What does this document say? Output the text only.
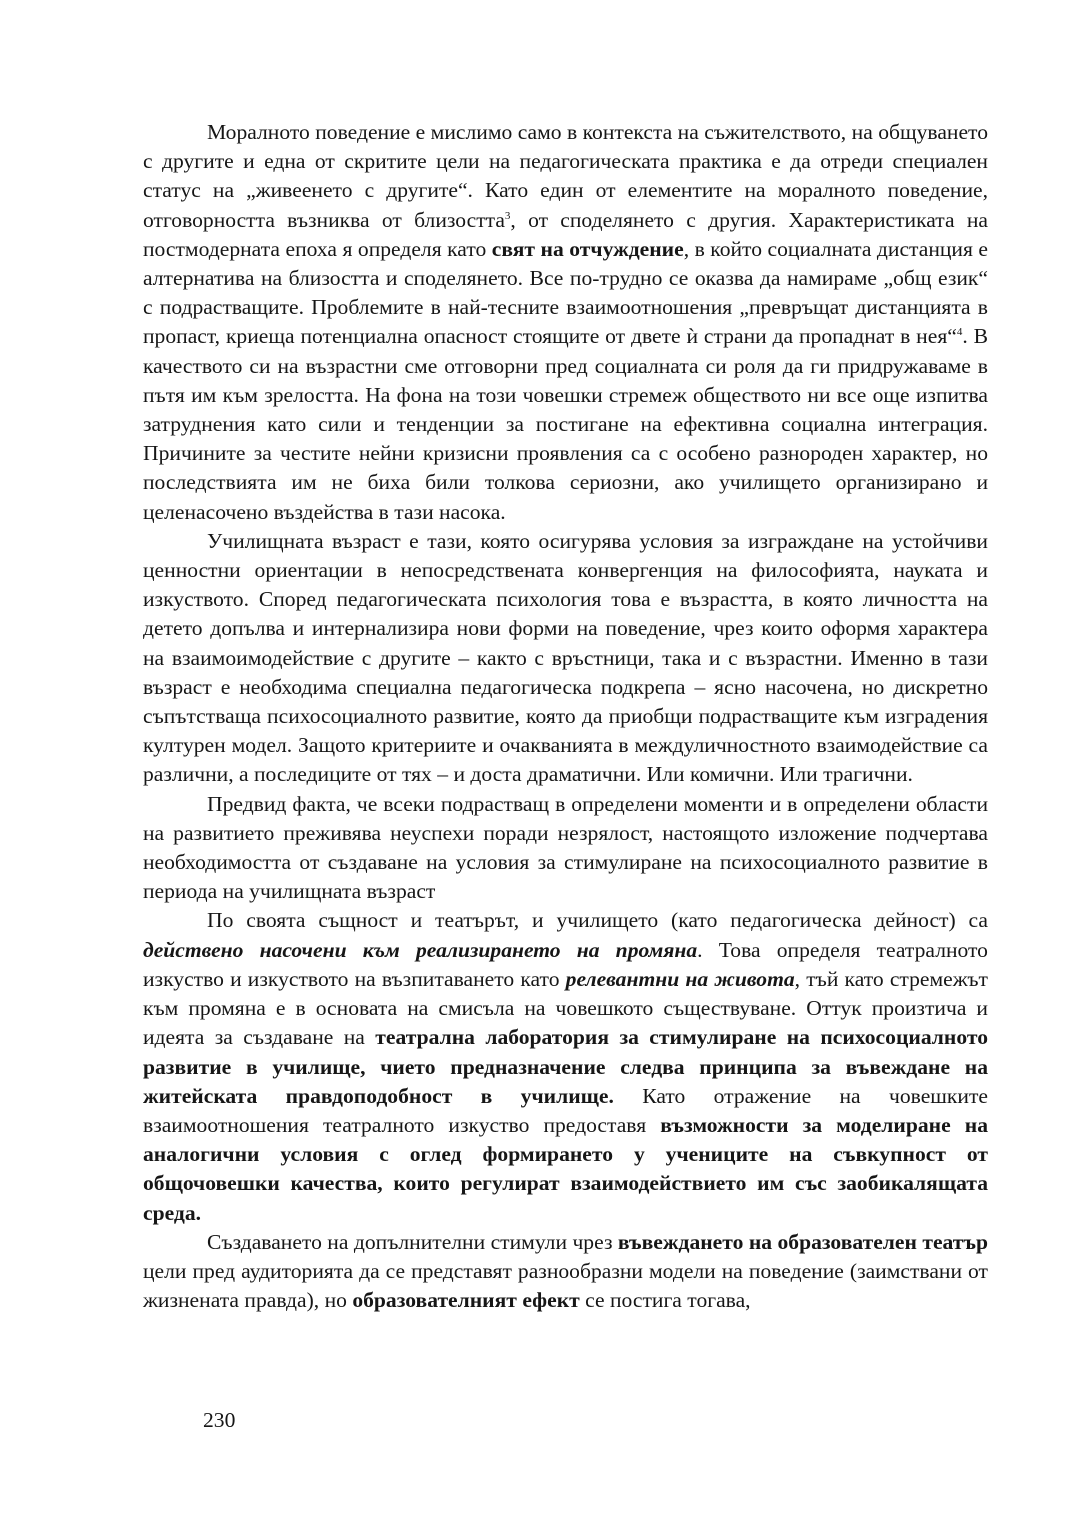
Моралното поведение е мислимо само в контекста на съжителството, на общуването с другите и една от скритите цели на педагогическата практика е да отреди специален статус на „живеенето с другите“. Като един от елементите на моралното поведение, отговорността възниква от близостта$^3$, от споделянето с другия. Характеристиката на постмодерната епоха я определя като свят на отчуждение, в който социалната дистанция е алтернатива на близостта и споделянето. Все по-трудно се оказва да намираме „общ език“ с подрастващите. Проблемите в най-тесните взаимоотношения „превръщат дистанцията в пропаст, криеща потенциална опасност стоящите от двете ѝ страни да пропаднат в нея“$^4$. В качеството си на възрастни сме отговорни пред социалната си роля да ги придружаваме в пътя им към зрелостта. На фона на този човешки стремеж обществото ни все още изпитва затруднения като сили и тенденции за постигане на ефективна социална интеграция. Причините за честите нейни кризисни проявления са с особено разнороден характер, но последствията им не биха били толкова сериозни, ако училището организирано и целенасочено въздейства в тази насока.

Училищната възраст е тази, която осигурява условия за изграждане на устойчиви ценностни ориентации в непосредствената конвергенция на философията, науката и изкуството. Според педагогическата психология това е възрастта, в която личността на детето допълва и интернализира нови форми на поведение, чрез които оформя характера на взаимоимодействие с другите – както с връстници, така и с възрастни. Именно в тази възраст е необходима специална педагогическа подкрепа – ясно насочена, но дискретно съпътстваща психосоциалното развитие, която да приобщи подрастващите към изградения културен модел. Защото критериите и очакванията в междуличностното взаимодействие са различни, а последиците от тях – и доста драматични. Или комични. Или трагични.

Предвид факта, че всеки подрастващ в определени моменти и в определени области на развитието преживява неуспехи поради незрялост, настоящото изложение подчертава необходимостта от създаване на условия за стимулиране на психосоциалното развитие в периода на училищната възраст

По своята същност и театърът, и училището (като педагогическа дейност) са действено насочени към реализирането на промяна. Това определя театралното изкуство и изкуството на възпитаването като релевантни на живота, тъй като стремежът към промяна е в основата на смисъла на човешкото съществуване. Оттук произтича и идеята за създаване на театрална лаборатория за стимулиране на психосоциалното развитие в училище, чието предназначение следва принципа за въвеждане на житейската правдоподобност в училище. Като отражение на човешките взаимоотношения театралното изкуство предоставя възможности за моделиране на аналогични условия с оглед формирането у учениците на съвкупност от общочовешки качества, които регулират взаимодействието им със заобикалящата среда.

Създаването на допълнителни стимули чрез въвеждането на образователен театър цели пред аудиторията да се представят разнообразни модели на поведение (заимствани от жизнената правда), но образователният ефект се постига тогава,

230
